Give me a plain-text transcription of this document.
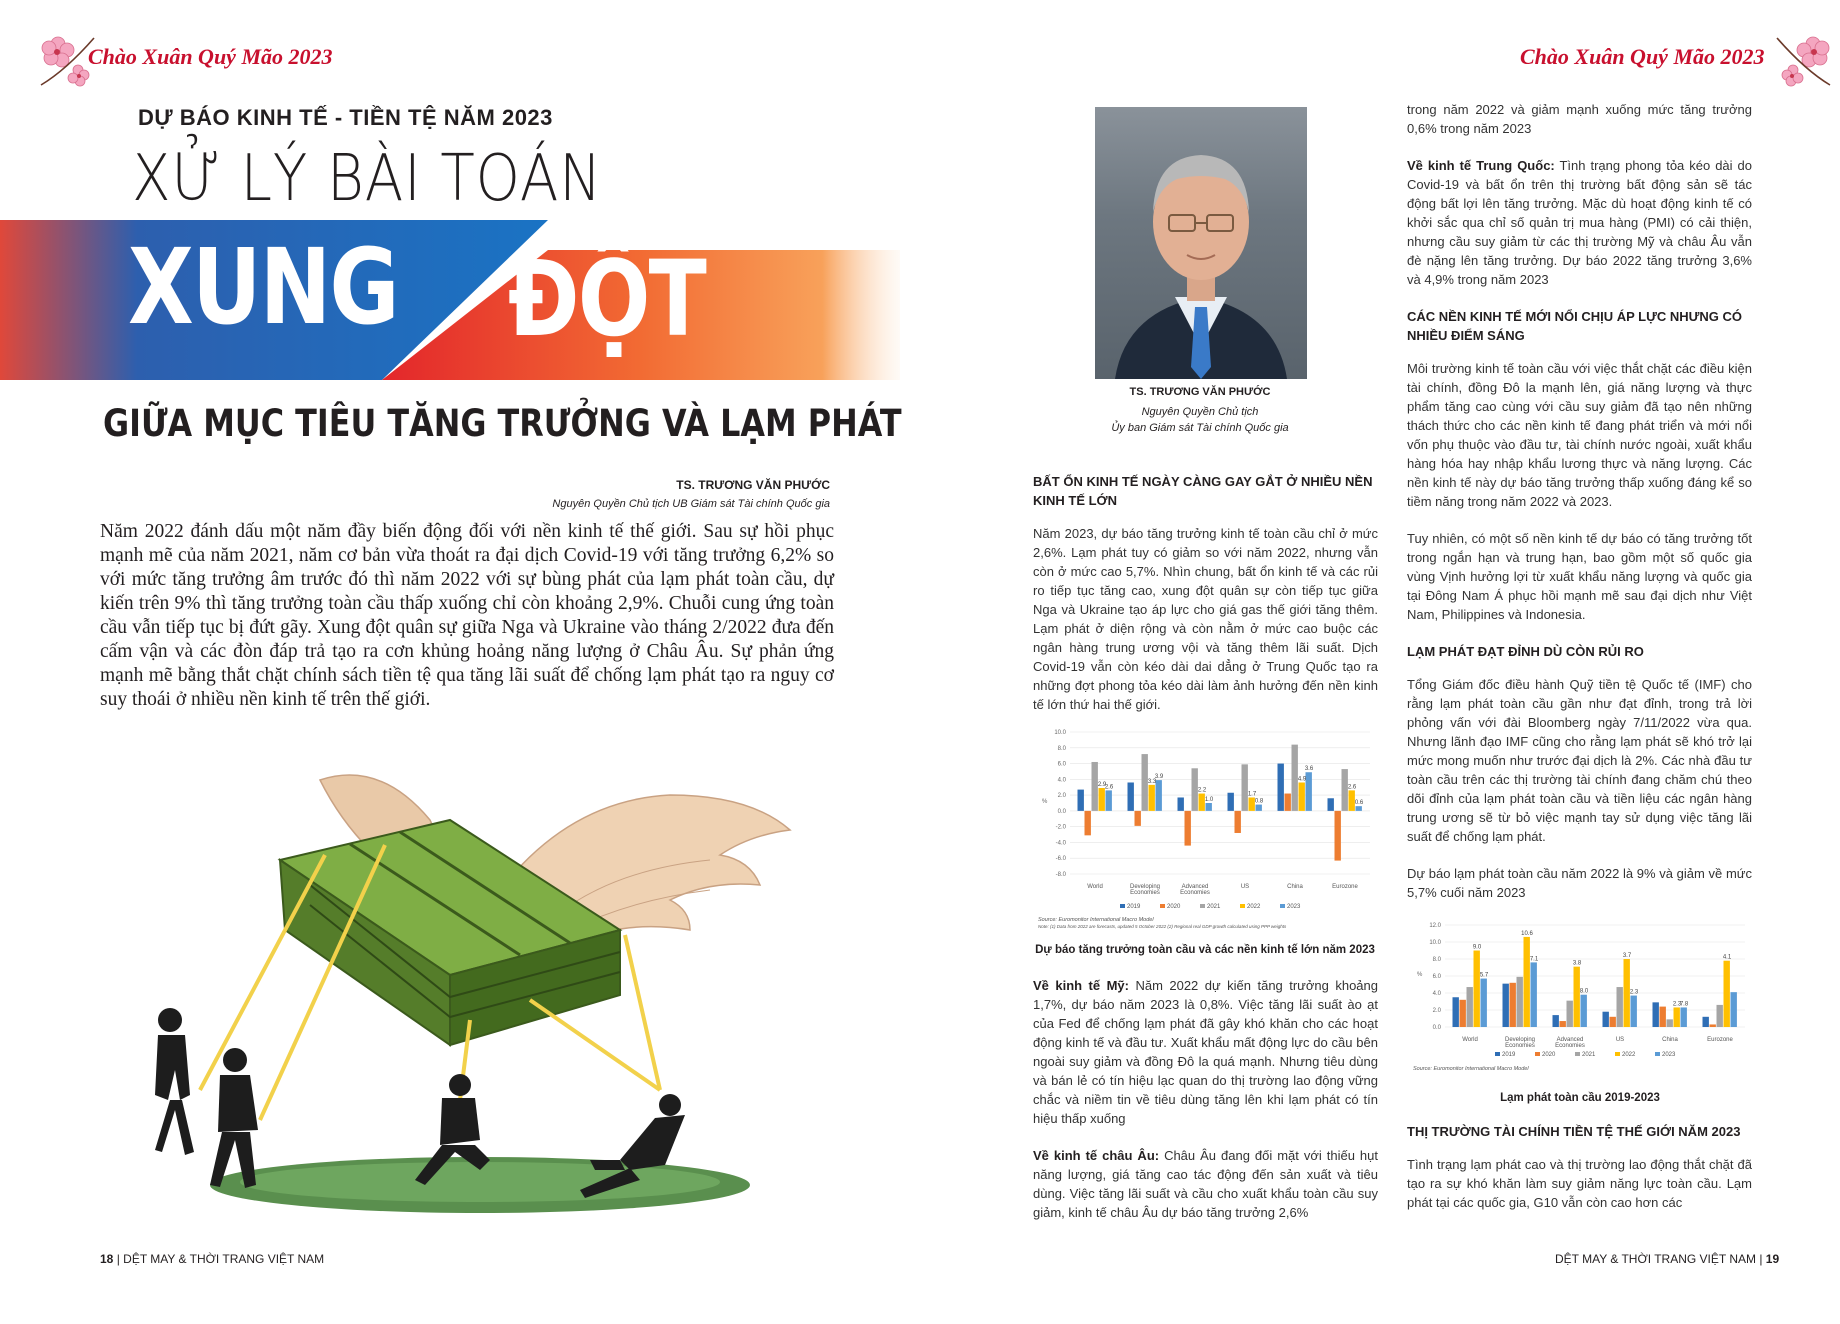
Chào Xuân Quý Mão 2023
DỰ BÁO KINH TẾ - TIỀN TỆ NĂM 2023
XỬ LÝ BÀI TOÁN
XUNG ĐỘT
GIỮA MỤC TIÊU TĂNG TRƯỞNG VÀ LẠM PHÁT
TS. TRƯƠNG VĂN PHƯỚC
Nguyên Quyền Chủ tịch UB Giám sát Tài chính Quốc gia
Năm 2022 đánh dấu một năm đầy biến động đối với nền kinh tế thế giới. Sau sự hồi phục mạnh mẽ của năm 2021, năm cơ bản vừa thoát ra đại dịch Covid-19 với tăng trưởng 6,2% so với mức tăng trưởng âm trước đó thì năm 2022 với sự bùng phát của lạm phát toàn cầu, dự kiến trên 9% thì tăng trưởng toàn cầu thấp xuống chỉ còn khoảng 2,9%. Chuỗi cung ứng toàn cầu vẫn tiếp tục bị đứt gãy. Xung đột quân sự giữa Nga và Ukraine vào tháng 2/2022 đưa đến cấm vận và các đòn đáp trả tạo ra cơn khủng hoảng năng lượng ở Châu Âu. Sự phản ứng mạnh mẽ bằng thắt chặt chính sách tiền tệ qua tăng lãi suất để chống lạm phát tạo ra nguy cơ suy thoái ở nhiều nền kinh tế trên thế giới.
18 | DỆT MAY & THỜI TRANG VIỆT NAM
Chào Xuân Quý Mão 2023
TS. TRƯƠNG VĂN PHƯỚC
Nguyên Quyền Chủ tịch
Ủy ban Giám sát Tài chính Quốc gia
BẤT ỔN KINH TẾ NGÀY CÀNG GAY GẮT Ở NHIỀU NỀN KINH TẾ LỚN

Năm 2023, dự báo tăng trưởng kinh tế toàn cầu chỉ ở mức 2,6%. Lạm phát tuy có giảm so với năm 2022, nhưng vẫn còn ở mức cao 5,7%. Nhìn chung, bất ổn kinh tế và các rủi ro tiếp tục tăng cao, xung đột quân sự còn tiếp tục giữa Nga và Ukraine tạo áp lực cho giá gas thế giới tăng thêm. Lạm phát ở diện rộng và còn nằm ở mức cao buộc các ngân hàng trung ương vội và tăng thêm lãi suất. Dịch Covid-19 vẫn còn kéo dài dai dẳng ở Trung Quốc tạo ra những đợt phong tỏa kéo dài làm ảnh hưởng đến nền kinh tế lớn thứ hai thế giới.

10.0
8.0
6.0
4.0
2.0
0.0
-2.0
-4.0
-6.0
-8.0
%
World	Developing
Economies
Advanced
Economies
US	China	Eurozone
2.9
2.6
3.3
3.9
2.2
1.0
1.7
0.8
4.9
3.6
2.6
0.6
2019	2020	2021	2022	2023
Source: Euromonitor International Macro Model
Note: (1) Data from 2022 are forecasts, updated 5 October 2022 (2) Regional real GDP growth calculated using PPP weights
Dự báo tăng trưởng toàn cầu và các nền kinh tế lớn năm 2023

Về kinh tế Mỹ: Năm 2022 dự kiến tăng trưởng khoảng 1,7%, dự báo năm 2023 là 0,8%. Việc tăng lãi suất ào ạt của Fed để chống lạm phát đã gây khó khăn cho các hoạt động kinh tế và đầu tư. Xuất khẩu mất động lực do cầu bên ngoài suy giảm và đồng Đô la quá mạnh. Nhưng tiêu dùng và bán lẻ có tín hiệu lạc quan do thị trường lao động vững chắc và niềm tin về tiêu dùng tăng lên khi lạm phát có tín hiệu thấp xuống

Về kinh tế châu Âu: Châu Âu đang đối mặt với thiếu hụt năng lượng, giá tăng cao tác động đến sản xuất và tiêu dùng. Việc tăng lãi suất và cầu cho xuất khẩu toàn cầu suy giảm, kinh tế châu Âu dự báo tăng trưởng 2,6%

trong năm 2022 và giảm mạnh xuống mức tăng trưởng 0,6% trong năm 2023

Về kinh tế Trung Quốc: Tình trạng phong tỏa kéo dài do Covid-19 và bất ổn trên thị trường bất động sản sẽ tác động bất lợi lên tăng trưởng. Mặc dù hoạt động kinh tế có khởi sắc qua chỉ số quản trị mua hàng (PMI) có cải thiện, nhưng cầu suy giảm từ các thị trường Mỹ và châu Âu vẫn đè nặng lên tăng trưởng. Dự báo 2022 tăng trưởng 3,6% và 4,9% trong năm 2023

CÁC NỀN KINH TẾ MỚI NỔI CHỊU ÁP LỰC NHƯNG CÓ NHIỀU ĐIỂM SÁNG

Môi trường kinh tế toàn cầu với việc thắt chặt các điều kiện tài chính, đồng Đô la mạnh lên, giá năng lượng và thực phẩm tăng cao cùng với cầu suy giảm đã tạo nên những thách thức cho các nền kinh tế đang phát triển và mới nổi vốn phụ thuộc vào đầu tư, tài chính nước ngoài, xuất khẩu hàng hóa hay nhập khẩu lương thực và năng lượng. Các nền kinh tế này dự báo tăng trưởng thấp xuống đáng kể so tiềm năng trong năm 2022 và 2023.

Tuy nhiên, có một số nền kinh tế dự báo có tăng trưởng tốt trong ngắn hạn và trung hạn, bao gồm một số quốc gia vùng Vịnh hưởng lợi từ xuất khẩu năng lượng và quốc gia tại Đông Nam Á phục hồi mạnh mẽ sau đại dịch như Việt Nam, Philippines và Indonesia.

LẠM PHÁT ĐẠT ĐỈNH DÙ CÒN RỦI RO

Tổng Giám đốc điều hành Quỹ tiền tệ Quốc tế (IMF) cho rằng lạm phát toàn cầu gần như đạt đỉnh, trong trả lời phỏng vấn với đài Bloomberg ngày 7/11/2022 vừa qua. Nhưng lãnh đạo IMF cũng cho rằng lạm phát sẽ khó trở lại mức mong muốn như trước đại dịch là 2%. Các nhà đầu tư toàn cầu trên các thị trường tài chính đang chăm chú theo dõi đỉnh của lạm phát toàn cầu và tiền liệu các ngân hàng trung ương sẽ từ bỏ việc mạnh tay sử dụng việc tăng lãi suất để chống lạm phát.

Dự báo lạm phát toàn cầu năm 2022 là 9% và giảm về mức 5,7% cuối năm 2023

12.0
10.0
8.0
6.0
4.0
2.0
0.0
%
World	Developing
Economies
Advanced
Economies
US	China	Eurozone
9.0
5.7
10.6
7.1
3.8
8.0
3.7
2.3
2.3
7.8
4.1
2019	2020	2021	2022	2023
Source: Euromonitor International Macro Model
Lạm phát toàn cầu 2019-2023
THỊ TRƯỜNG TÀI CHÍNH TIỀN TỆ THẾ GIỚI NĂM 2023

Tình trạng lạm phát cao và thị trường lao động thắt chặt đã tạo ra sự khó khăn làm suy giảm năng lực toàn cầu. Lạm phát tại các quốc gia, G10 vẫn còn cao hơn các

DỆT MAY & THỜI TRANG VIỆT NAM | 19
